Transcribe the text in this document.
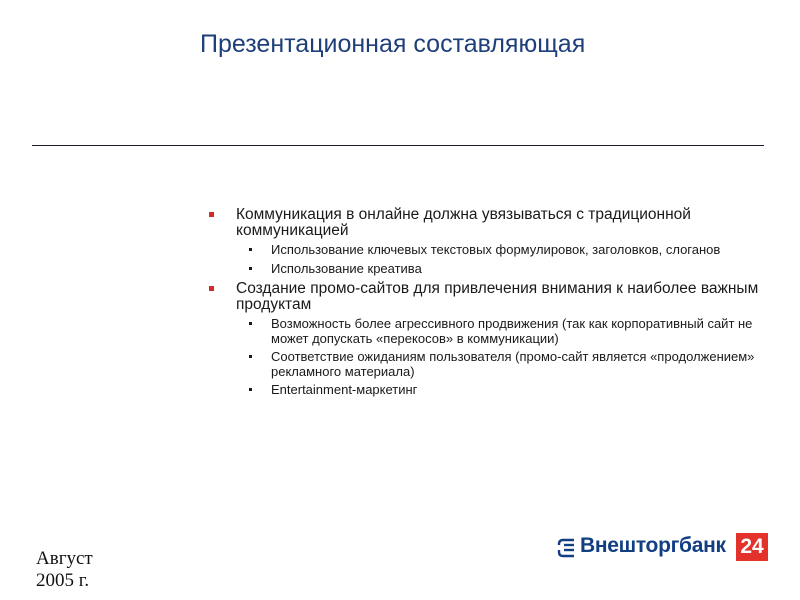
Презентационная составляющая
Коммуникация в онлайне должна увязываться с традиционной коммуникацией
Использование ключевых текстовых формулировок, заголовков, слоганов
Использование креатива
Создание промо-сайтов для привлечения внимания к наиболее важным продуктам
Возможность более агрессивного продвижения (так как корпоративный сайт не может допускать «перекосов» в коммуникации)
Соответствие ожиданиям пользователя (промо-сайт является «продолжением» рекламного материала)
Entertainment-маркетинг
Август
2005 г.
Внешторгбанк 24
